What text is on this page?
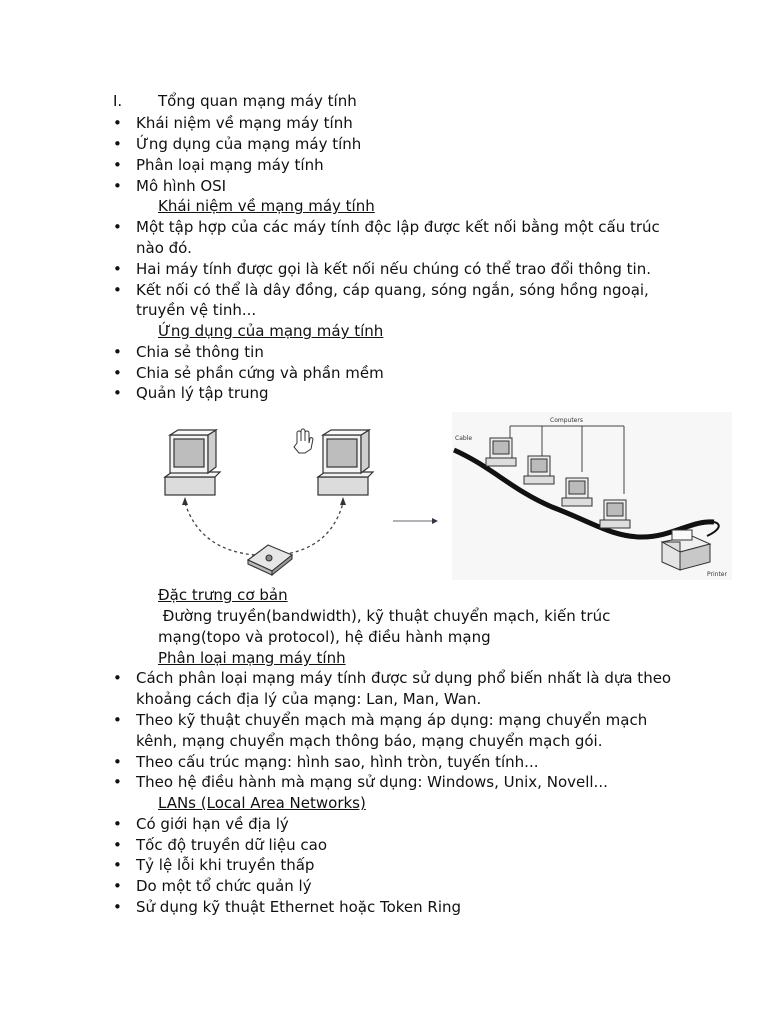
I. Tổng quan mạng máy tính
• Khái niệm về mạng máy tính
• Ứng dụng của mạng máy tính
• Phân loại mạng máy tính
• Mô hình OSI
Khái niệm về mạng máy tính
• Một tập hợp của các máy tính độc lập được kết nối bằng một cấu trúc
nào đó.
• Hai máy tính được gọi là kết nối nếu chúng có thể trao đổi thông tin.
• Kết nối có thể là dây đồng, cáp quang, sóng ngắn, sóng hồng ngoại,
truyền vệ tinh...
Ứng dụng của mạng máy tính
• Chia sẻ thông tin
• Chia sẻ phần cứng và phần mềm
• Quản lý tập trung
Computers
Cable
Printer
Đặc trưng cơ bản
Đường truyền(bandwidth), kỹ thuật chuyển mạch, kiến trúc
mạng(topo và protocol), hệ điều hành mạng
Phân loại mạng máy tính
• Cách phân loại mạng máy tính được sử dụng phổ biến nhất là dựa theo
khoảng cách địa lý của mạng: Lan, Man, Wan.
• Theo kỹ thuật chuyển mạch mà mạng áp dụng: mạng chuyển mạch
kênh, mạng chuyển mạch thông báo, mạng chuyển mạch gói.
• Theo cấu trúc mạng: hình sao, hình tròn, tuyến tính...
• Theo hệ điều hành mà mạng sử dụng: Windows, Unix, Novell...
LANs (Local Area Networks)
• Có giới hạn về địa lý
• Tốc độ truyền dữ liệu cao
• Tỷ lệ lỗi khi truyền thấp
• Do một tổ chức quản lý
• Sử dụng kỹ thuật Ethernet hoặc Token Ring
